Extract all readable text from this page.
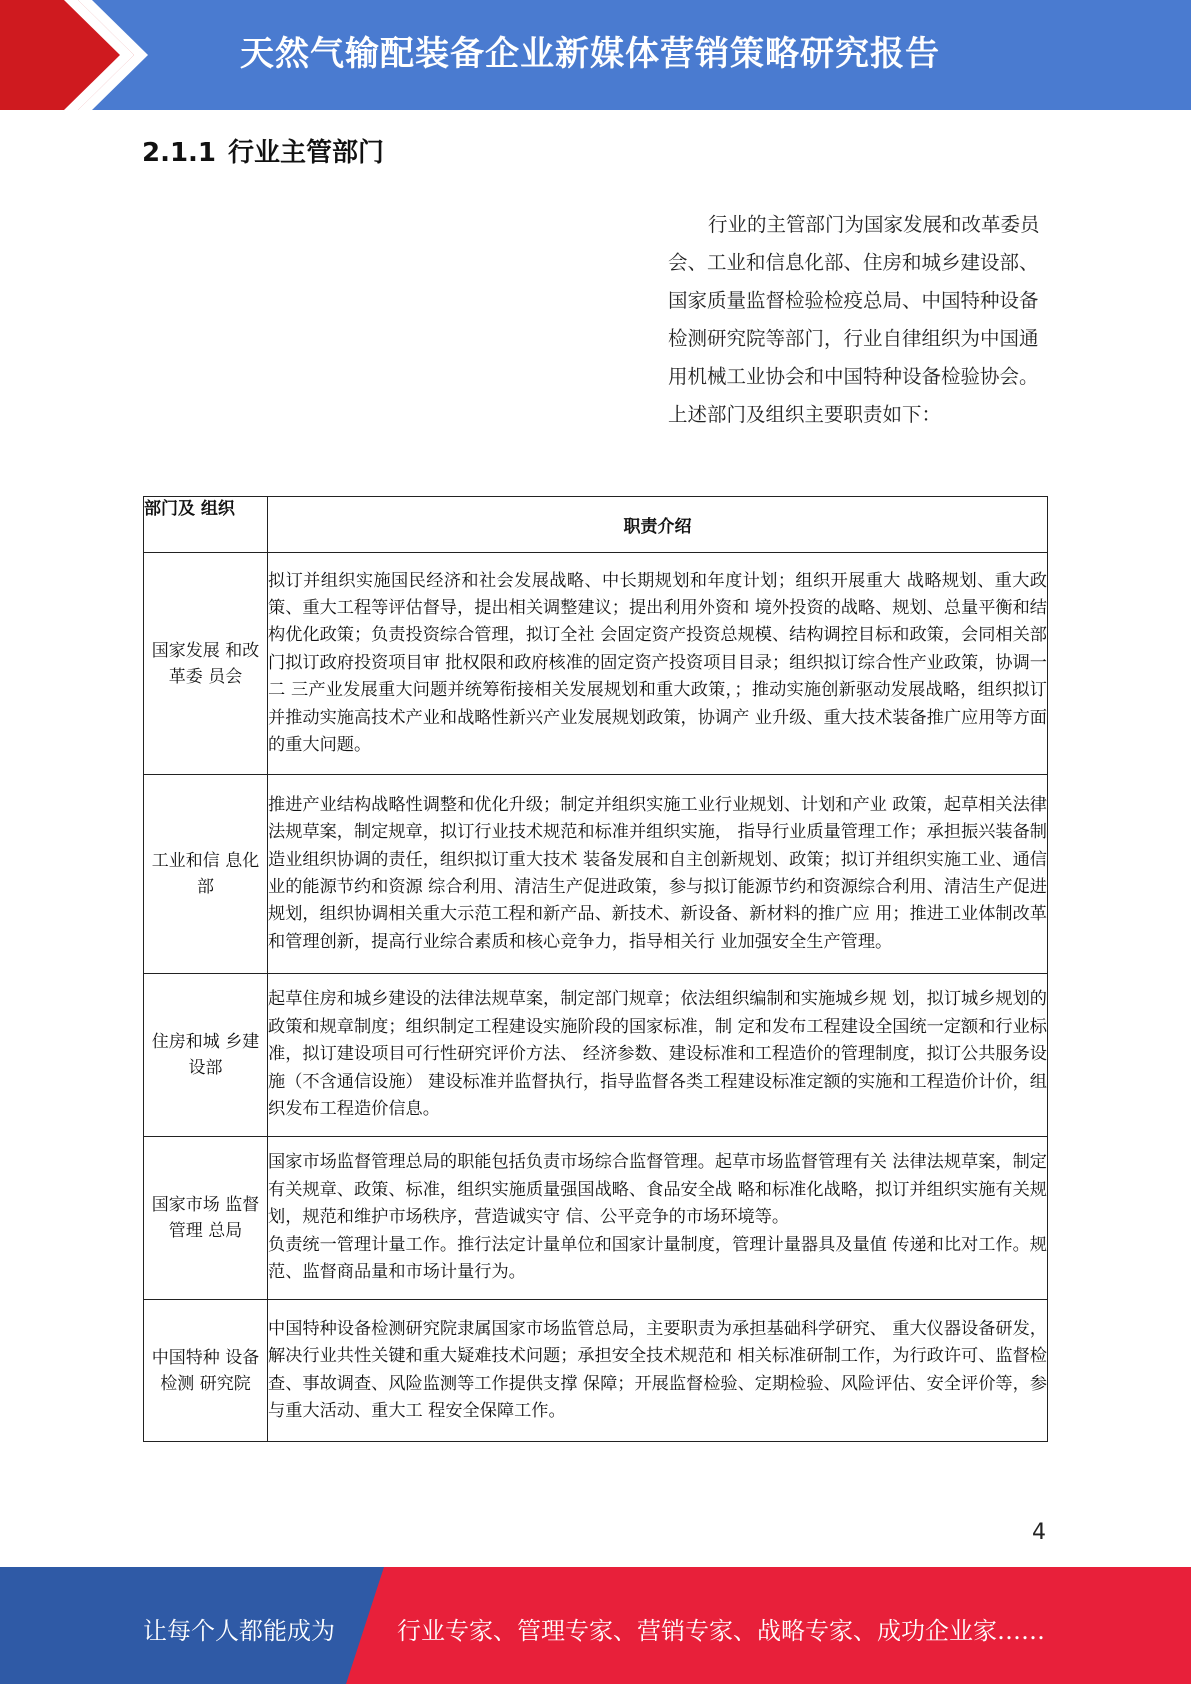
天然气输配装备企业新媒体营销策略研究报告
2.1.1 行业主管部门

行业的主管部门为国家发展和改革委员会、工业和信息化部、住房和城乡建设部、国家质量监督检验检疫总局、中国特种设备检测研究院等部门，行业自律组织为中国通用机械工业协会和中国特种设备检验协会。上述部门及组织主要职责如下：

部门及 组织	职责介绍
国家发展 和改革委 员会	拟订并组织实施国民经济和社会发展战略、中长期规划和年度计划；组织开展重大 战略规划、重大政策、重大工程等评估督导，提出相关调整建议；提出利用外资和 境外投资的战略、规划、总量平衡和结构优化政策；负责投资综合管理，拟订全社 会固定资产投资总规模、结构调控目标和政策，会同相关部门拟订政府投资项目审 批权限和政府核准的固定资产投资项目目录；组织拟订综合性产业政策，协调一二 三产业发展重大问题并统筹衔接相关发展规划和重大政策，；推动实施创新驱动发展战略，组织拟订并推动实施高技术产业和战略性新兴产业发展规划政策，协调产 业升级、重大技术装备推广应用等方面的重大问题。
工业和信 息化部	推进产业结构战略性调整和优化升级；制定并组织实施工业行业规划、计划和产业 政策，起草相关法律法规草案，制定规章，拟订行业技术规范和标准并组织实施， 指导行业质量管理工作；承担振兴装备制造业组织协调的责任，组织拟订重大技术 装备发展和自主创新规划、政策；拟订并组织实施工业、通信业的能源节约和资源 综合利用、清洁生产促进政策，参与拟订能源节约和资源综合利用、清洁生产促进 规划，组织协调相关重大示范工程和新产品、新技术、新设备、新材料的推广应 用；推进工业体制改革和管理创新，提高行业综合素质和核心竞争力，指导相关行 业加强安全生产管理。
住房和城 乡建设部	起草住房和城乡建设的法律法规草案，制定部门规章；依法组织编制和实施城乡规 划，拟订城乡规划的政策和规章制度；组织制定工程建设实施阶段的国家标准，制 定和发布工程建设全国统一定额和行业标准，拟订建设项目可行性研究评价方法、 经济参数、建设标准和工程造价的管理制度，拟订公共服务设施（不含通信设施） 建设标准并监督执行，指导监督各类工程建设标准定额的实施和工程造价计价，组 织发布工程造价信息。
国家市场 监督管理 总局	国家市场监督管理总局的职能包括负责市场综合监督管理。起草市场监督管理有关 法律法规草案，制定有关规章、政策、标准，组织实施质量强国战略、食品安全战 略和标准化战略，拟订并组织实施有关规划，规范和维护市场秩序，营造诚实守 信、公平竞争的市场环境等。

负责统一管理计量工作。推行法定计量单位和国家计量制度，管理计量器具及量值 传递和比对工作。规范、监督商品量和市场计量行为。

中国特种 设备检测 研究院	中国特种设备检测研究院隶属国家市场监管总局，主要职责为承担基础科学研究、 重大仪器设备研发，解决行业共性关键和重大疑难技术问题；承担安全技术规范和 相关标准研制工作，为行政许可、监督检查、事故调查、风险监测等工作提供支撑 保障；开展监督检验、定期检验、风险评估、安全评价等，参与重大活动、重大工 程安全保障工作。
4
让每个人都能成为	行业专家、管理专家、营销专家、战略专家、成功企业家……
